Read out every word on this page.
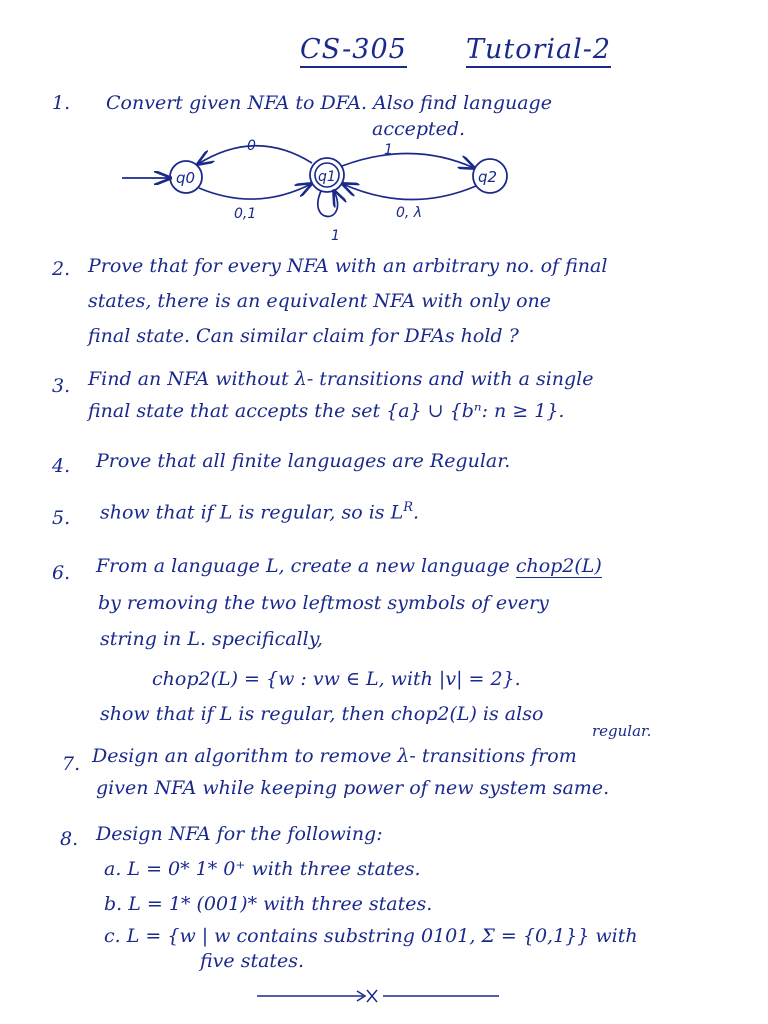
CS-305 Tutorial-2
1. Convert given NFA to DFA. Also find language
accepted.
q0	q1	q2
0
0,1
1
0, λ
1
2. Prove that for every NFA with an arbitrary no. of final
states, there is an equivalent NFA with only one
final state. Can similar claim for DFAs hold ?
3. Find an NFA without λ- transitions and with a single
final state that accepts the set {a} ∪ {bⁿ: n ≥ 1}.
4. Prove that all finite languages are Regular.
5. show that if L is regular, so is $L^R$.
6. From a language L, create a new language chop2(L)
by removing the two leftmost symbols of every
string in L. specifically,
chop2(L) = {w : vw ∈ L, with |v| = 2}.
show that if L is regular, then chop2(L) is also
regular.
7. Design an algorithm to remove λ- transitions from
given NFA while keeping power of new system same.
8. Design NFA for the following:
a. L = 0* 1* 0⁺ with three states.
b. L = 1* (001)* with three states.
c. L = {w | w contains substring 0101, Σ = {0,1}} with
five states.
